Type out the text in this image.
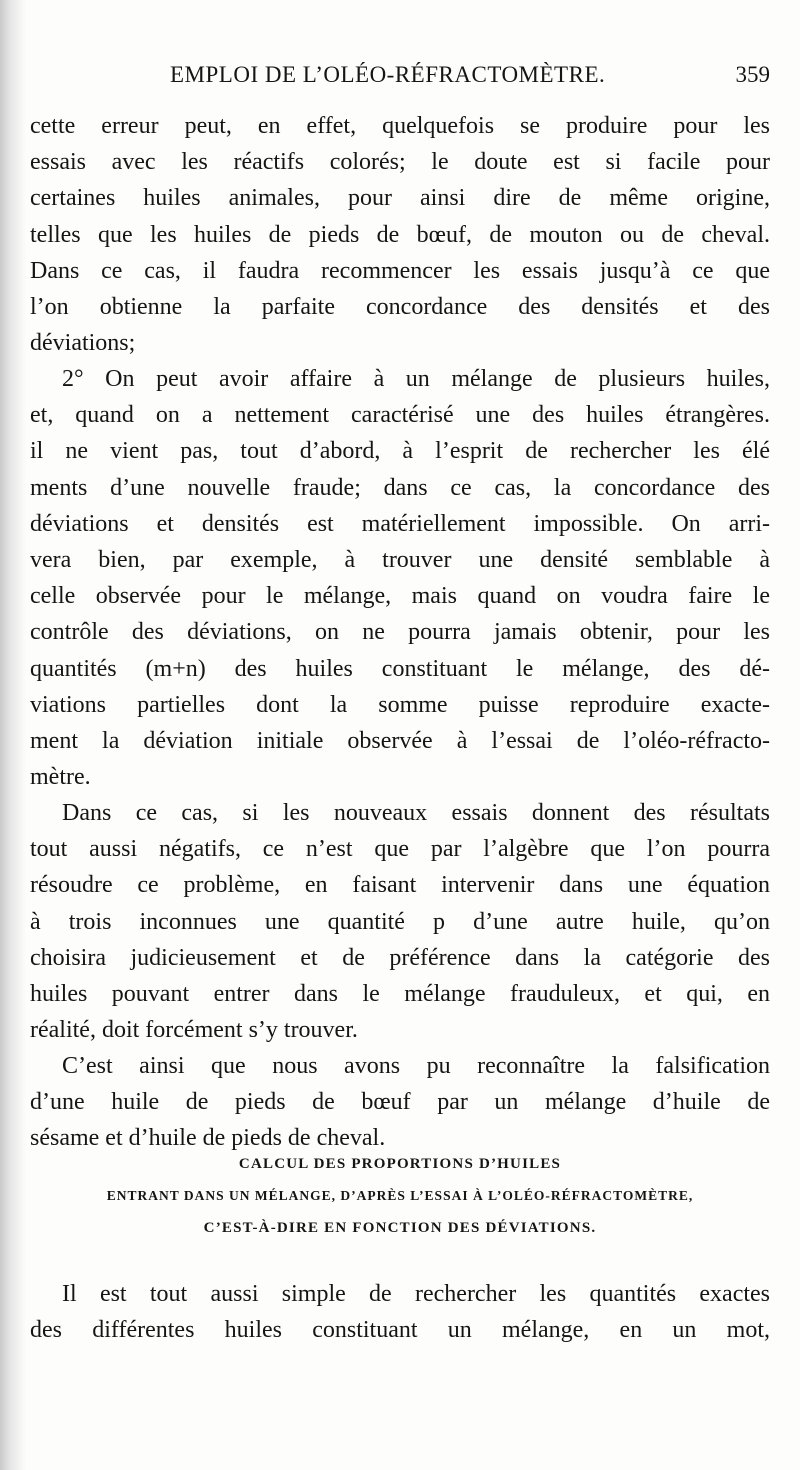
EMPLOI DE L’OLÉO-RÉFRACTOMÈTRE.	359
cette erreur peut, en effet, quelquefois se produire pour les
essais avec les réactifs colorés; le doute est si facile pour
certaines huiles animales, pour ainsi dire de même origine,
telles que les huiles de pieds de bœuf, de mouton ou de cheval.
Dans ce cas, il faudra recommencer les essais jusqu’à ce que
l’on obtienne la parfaite concordance des densités et des
déviations;
2° On peut avoir affaire à un mélange de plusieurs huiles,
et, quand on a nettement caractérisé une des huiles étrangères.
il ne vient pas, tout d’abord, à l’esprit de rechercher les élé
ments d’une nouvelle fraude; dans ce cas, la concordance des
déviations et densités est matériellement impossible. On arri-
vera bien, par exemple, à trouver une densité semblable à
celle observée pour le mélange, mais quand on voudra faire le
contrôle des déviations, on ne pourra jamais obtenir, pour les
quantités (m+n) des huiles constituant le mélange, des dé-
viations partielles dont la somme puisse reproduire exacte-
ment la déviation initiale observée à l’essai de l’oléo-réfracto-
mètre.
Dans ce cas, si les nouveaux essais donnent des résultats
tout aussi négatifs, ce n’est que par l’algèbre que l’on pourra
résoudre ce problème, en faisant intervenir dans une équation
à trois inconnues une quantité p d’une autre huile, qu’on
choisira judicieusement et de préférence dans la catégorie des
huiles pouvant entrer dans le mélange frauduleux, et qui, en
réalité, doit forcément s’y trouver.
C’est ainsi que nous avons pu reconnaître la falsification
d’une huile de pieds de bœuf par un mélange d’huile de
sésame et d’huile de pieds de cheval.
CALCUL DES PROPORTIONS D’HUILES
ENTRANT DANS UN MÉLANGE, D’APRÈS L’ESSAI À L’OLÉO-RÉFRACTOMÈTRE,
C’EST-À-DIRE EN FONCTION DES DÉVIATIONS.
Il est tout aussi simple de rechercher les quantités exactes
des différentes huiles constituant un mélange, en un mot,
